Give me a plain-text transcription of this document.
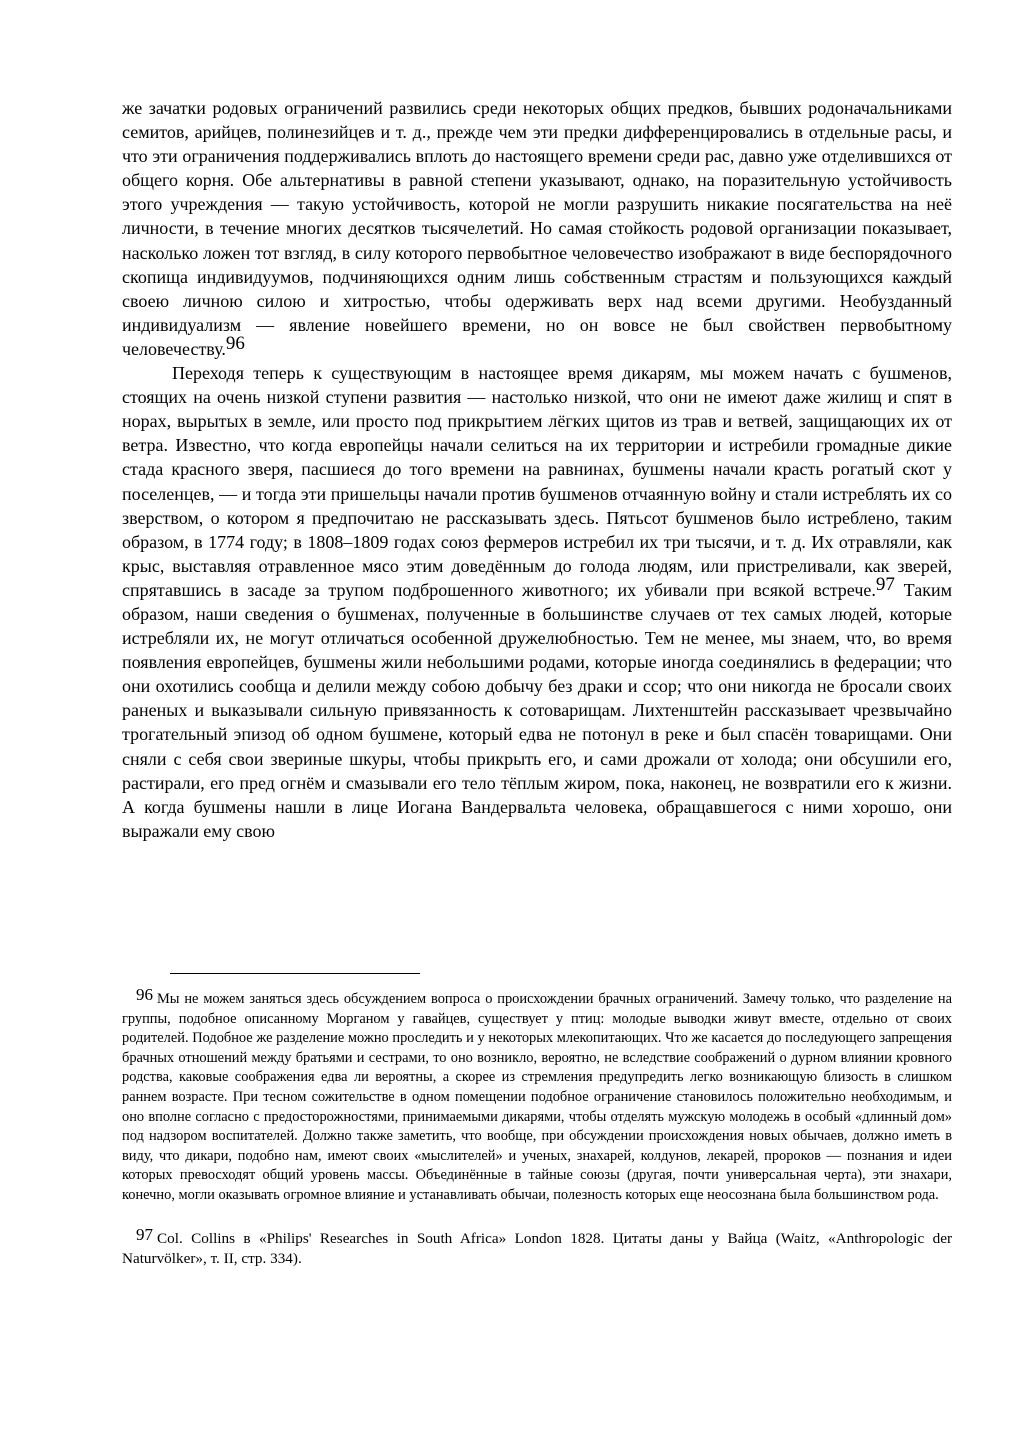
же зачатки родовых ограничений развились среди некоторых общих предков, бывших родоначальниками семитов, арийцев, полинезийцев и т. д., прежде чем эти предки дифференцировались в отдельные расы, и что эти ограничения поддерживались вплоть до настоящего времени среди рас, давно уже отделившихся от общего корня. Обе альтернативы в равной степени указывают, однако, на поразительную устойчивость этого учреждения — такую устойчивость, которой не могли разрушить никакие посягательства на неё личности, в течение многих десятков тысячелетий. Но самая стойкость родовой организации показывает, насколько ложен тот взгляд, в силу которого первобытное человечество изображают в виде беспорядочного скопища индивидуумов, подчиняющихся одним лишь собственным страстям и пользующихся каждый своею личною силою и хитростью, чтобы одерживать верх над всеми другими. Необузданный индивидуализм — явление новейшего времени, но он вовсе не был свойствен первобытному человечеству.96

Переходя теперь к существующим в настоящее время дикарям, мы можем начать с бушменов, стоящих на очень низкой ступени развития — настолько низкой, что они не имеют даже жилищ и спят в норах, вырытых в земле, или просто под прикрытием лёгких щитов из трав и ветвей, защищающих их от ветра. Известно, что когда европейцы начали селиться на их территории и истребили громадные дикие стада красного зверя, пасшиеся до того времени на равнинах, бушмены начали красть рогатый скот у поселенцев, — и тогда эти пришельцы начали против бушменов отчаянную войну и стали истреблять их со зверством, о котором я предпочитаю не рассказывать здесь. Пятьсот бушменов было истреблено, таким образом, в 1774 году; в 1808–1809 годах союз фермеров истребил их три тысячи, и т. д. Их отравляли, как крыс, выставляя отравленное мясо этим доведённым до голода людям, или пристреливали, как зверей, спрятавшись в засаде за трупом подброшенного животного; их убивали при всякой встрече.97 Таким образом, наши сведения о бушменах, полученные в большинстве случаев от тех самых людей, которые истребляли их, не могут отличаться особенной дружелюбностью. Тем не менее, мы знаем, что, во время появления европейцев, бушмены жили небольшими родами, которые иногда соединялись в федерации; что они охотились сообща и делили между собою добычу без драки и ссор; что они никогда не бросали своих раненых и выказывали сильную привязанность к сотоварищам. Лихтенштейн рассказывает чрезвычайно трогательный эпизод об одном бушмене, который едва не потонул в реке и был спасён товарищами. Они сняли с себя свои звериные шкуры, чтобы прикрыть его, и сами дрожали от холода; они обсушили его, растирали, его пред огнём и смазывали его тело тёплым жиром, пока, наконец, не возвратили его к жизни. А когда бушмены нашли в лице Иогана Вандервальта человека, обращавшегося с ними хорошо, они выражали ему свою

96 Мы не можем заняться здесь обсуждением вопроса о происхождении брачных ограничений. Замечу только, что разделение на группы, подобное описанному Морганом у гавайцев, существует у птиц: молодые выводки живут вместе, отдельно от своих родителей. Подобное же разделение можно проследить и у некоторых млекопитающих. Что же касается до последующего запрещения брачных отношений между братьями и сестрами, то оно возникло, вероятно, не вследствие соображений о дурном влиянии кровного родства, каковые соображения едва ли вероятны, а скорее из стремления предупредить легко возникающую близость в слишком раннем возрасте. При тесном сожительстве в одном помещении подобное ограничение становилось положительно необходимым, и оно вполне согласно с предосторожностями, принимаемыми дикарями, чтобы отделять мужскую молодежь в особый «длинный дом» под надзором воспитателей. Должно также заметить, что вообще, при обсуждении происхождения новых обычаев, должно иметь в виду, что дикари, подобно нам, имеют своих «мыслителей» и ученых, знахарей, колдунов, лекарей, пророков — познания и идеи которых превосходят общий уровень массы. Объединённые в тайные союзы (другая, почти универсальная черта), эти знахари, конечно, могли оказывать огромное влияние и устанавливать обычаи, полезность которых еще неосознана была большинством рода.

97 Col. Collins в «Philips' Researches in South Africa» London 1828. Цитаты даны у Вайца (Waitz, «Anthropologic der Naturvölker», т. II, стр. 334).
